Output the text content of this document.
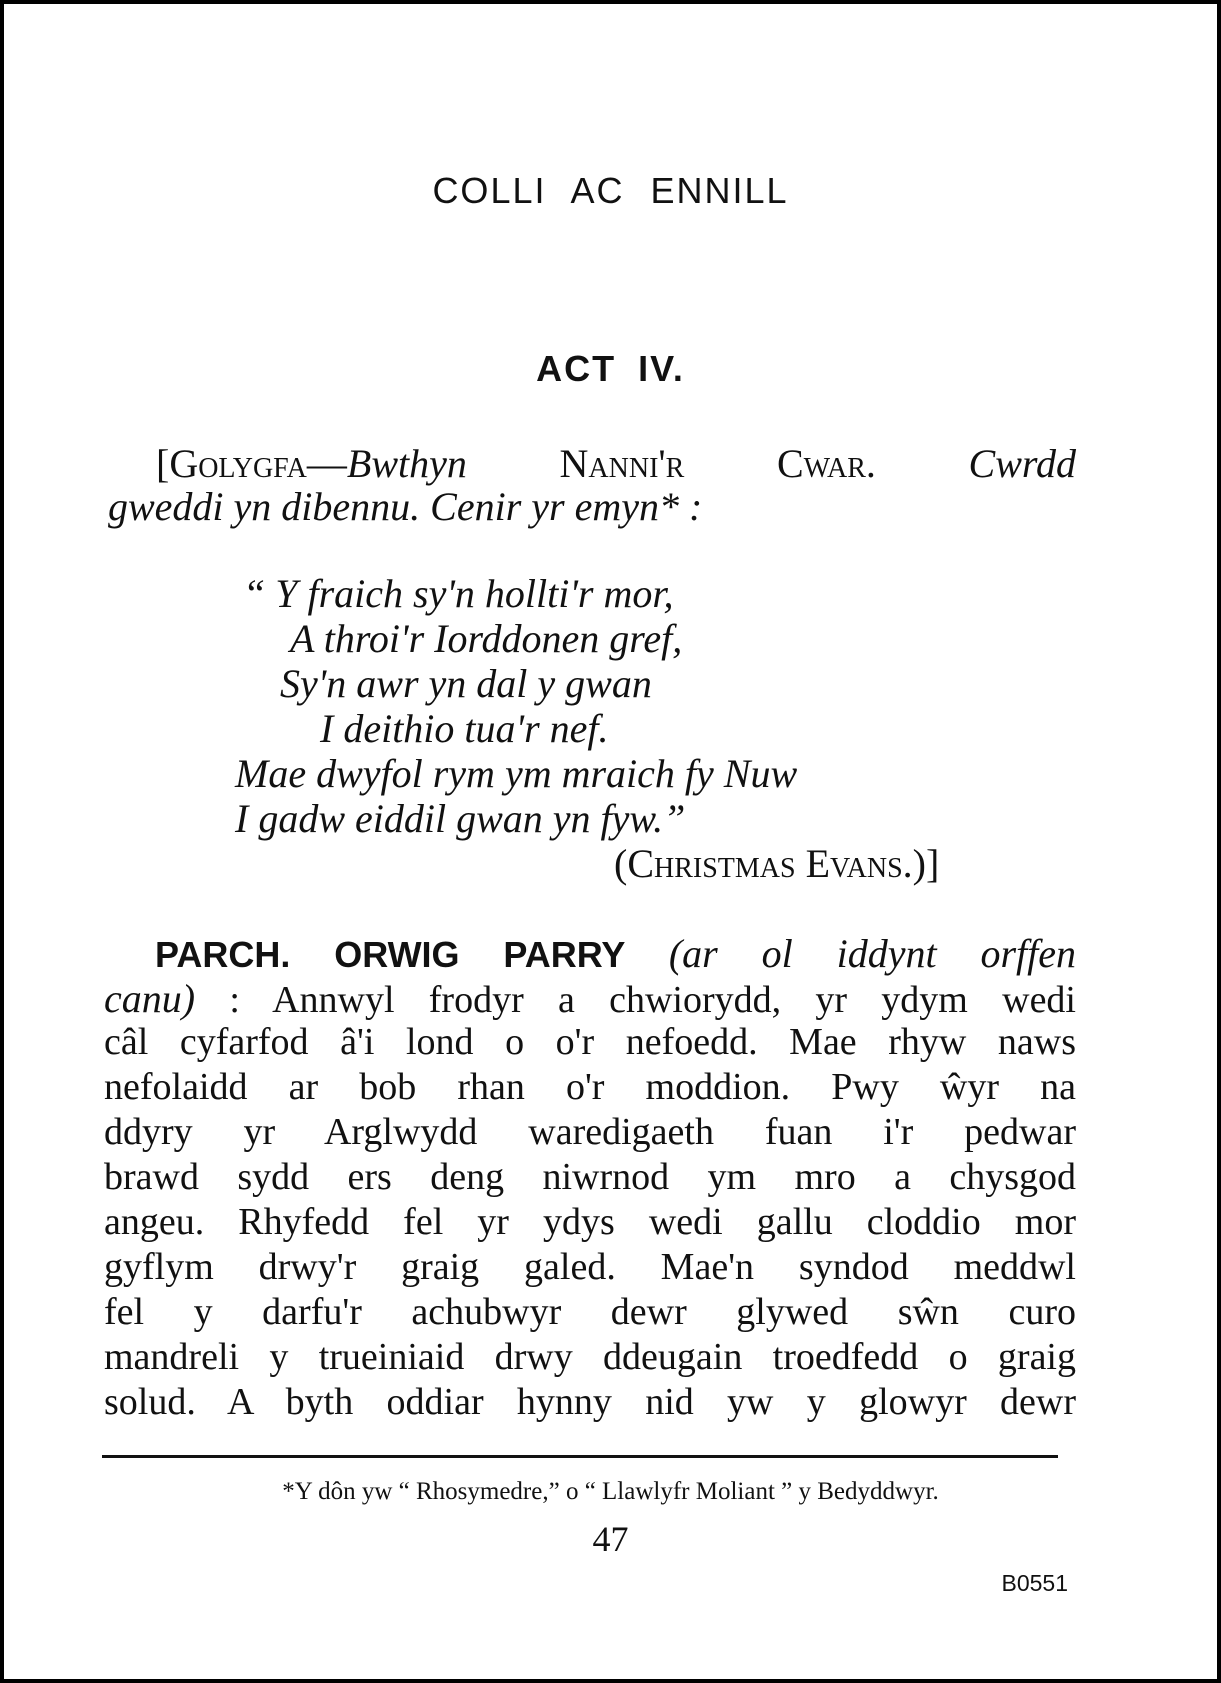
COLLI AC ENNILL
ACT IV.
[Golygfa—Bwthyn Nanni'r Cwar. Cwrdd
gweddi yn dibennu. Cenir yr emyn* :
“ Y fraich sy'n hollti'r mor,
A throi'r Iorddonen gref,
Sy'n awr yn dal y gwan
I deithio tua'r nef.
Mae dwyfol rym ym mraich fy Nuw
I gadw eiddil gwan yn fyw.”
(Christmas Evans.)]
PARCH. ORWIG PARRY (ar ol iddynt orffen
canu) : Annwyl frodyr a chwiorydd, yr ydym wedi
câl cyfarfod â'i lond o o'r nefoedd. Mae rhyw naws
nefolaidd ar bob rhan o'r moddion. Pwy ŵyr na
ddyry yr Arglwydd waredigaeth fuan i'r pedwar
brawd sydd ers deng niwrnod ym mro a chysgod
angeu. Rhyfedd fel yr ydys wedi gallu cloddio mor
gyflym drwy'r graig galed. Mae'n syndod meddwl
fel y darfu'r achubwyr dewr glywed sŵn curo
mandreli y trueiniaid drwy ddeugain troedfedd o graig
solud. A byth oddiar hynny nid yw y glowyr dewr
*Y dôn yw “ Rhosymedre,” o “ Llawlyfr Moliant ” y Bedyddwyr.
47
B0551
